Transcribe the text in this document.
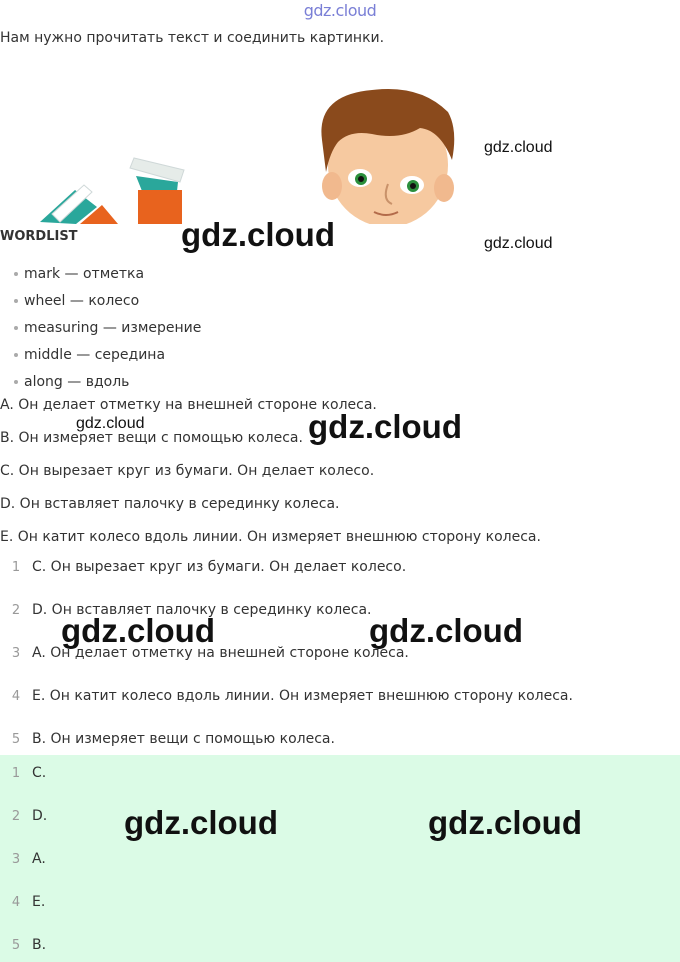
gdz.cloud
Нам нужно прочитать текст и соединить картинки.
gdz.cloud
gdz.cloud	gdz.cloud
WORDLIST
mark — отметка
wheel — колесо
measuring — измерение
middle — середина
along — вдоль
A. Он делает отметку на внешней стороне колеса.
B. Он измеряет вещи с помощью колеса.
C. Он вырезает круг из бумаги. Он делает колесо.
D. Он вставляет палочку в серединку колеса.
E. Он катит колесо вдоль линии. Он измеряет внешнюю сторону колеса.
gdz.cloud	gdz.cloud
1 C. Он вырезает круг из бумаги. Он делает колесо.
2 D. Он вставляет палочку в серединку колеса.
3 A. Он делает отметку на внешней стороне колеса.
4 E. Он катит колесо вдоль линии. Он измеряет внешнюю сторону колеса.
5 B. Он измеряет вещи с помощью колеса.
gdz.cloud	gdz.cloud
1 C.
2 D.
3 A.
4 E.
5 B.
gdz.cloud	gdz.cloud
